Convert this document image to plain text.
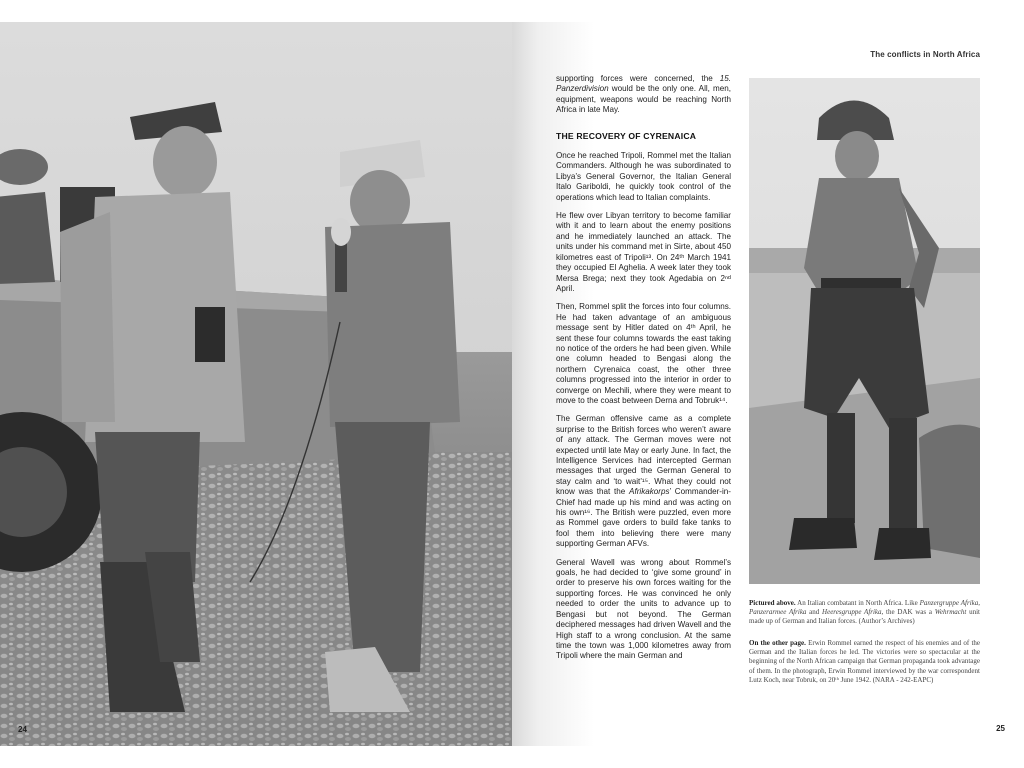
24
The conflicts in North Africa

supporting forces were concerned, the 15. Panzerdivision would be the only one. All, men, equipment, weapons would be reaching North Africa in late May.

THE RECOVERY OF CYRENAICA

Once he reached Tripoli, Rommel met the Italian Commanders. Although he was subordinated to Libya’s General Governor, the Italian General Italo Gariboldi, he quickly took control of the operations which lead to Italian complaints.

He flew over Libyan territory to become familiar with it and to learn about the enemy positions and he immediately launched an attack. The units under his command met in Sirte, about 450 kilometres east of Tripoli¹³. On 24ᵗʰ March 1941 they occupied El Aghelia. A week later they took Mersa Brega; next they took Agedabia on 2ⁿᵈ April.

Then, Rommel split the forces into four columns. He had taken advantage of an ambiguous message sent by Hitler dated on 4ᵗʰ April, he sent these four columns towards the east taking no notice of the orders he had been given. While one column headed to Bengasi along the northern Cyrenaica coast, the other three columns progressed into the interior in order to converge on Mechili, where they were meant to move to the coast between Derna and Tobruk¹⁴.

The German offensive came as a complete surprise to the British forces who weren’t aware of any attack. The German moves were not expected until late May or early June. In fact, the Intelligence Services had intercepted German messages that urged the German General to stay calm and ‘to wait’¹⁵. What they could not know was that the Afrikakorps’ Commander-in-Chief had made up his mind and was acting on his own¹⁶. The British were puzzled, even more as Rommel gave orders to build fake tanks to fool them into believing there were many supporting German AFVs.

General Wavell was wrong about Rommel’s goals, he had decided to ‘give some ground’ in order to preserve his own forces waiting for the supporting forces. He was convinced he only needed to order the units to advance up to Bengasi but not beyond. The German deciphered messages had driven Wavell and the High staff to a wrong conclusion. At the same time the town was 1,000 kilometres away from Tripoli where the main German and

Pictured above. An Italian combatant in North Africa. Like Panzergruppe Afrika, Panzerarmee Afrika and Heeresgruppe Afrika, the DAK was a Wehrmacht unit made up of German and Italian forces. (Author’s Archives)

On the other page. Erwin Rommel earned the respect of his enemies and of the German and the Italian forces he led. The victories were so spectacular at the beginning of the North African campaign that German propaganda took advantage of them. In the photograph, Erwin Rommel interviewed by the war correspondent Lutz Koch, near Tobruk, on 20ᵗʰ June 1942. (NARA - 242-EAPC)

25
